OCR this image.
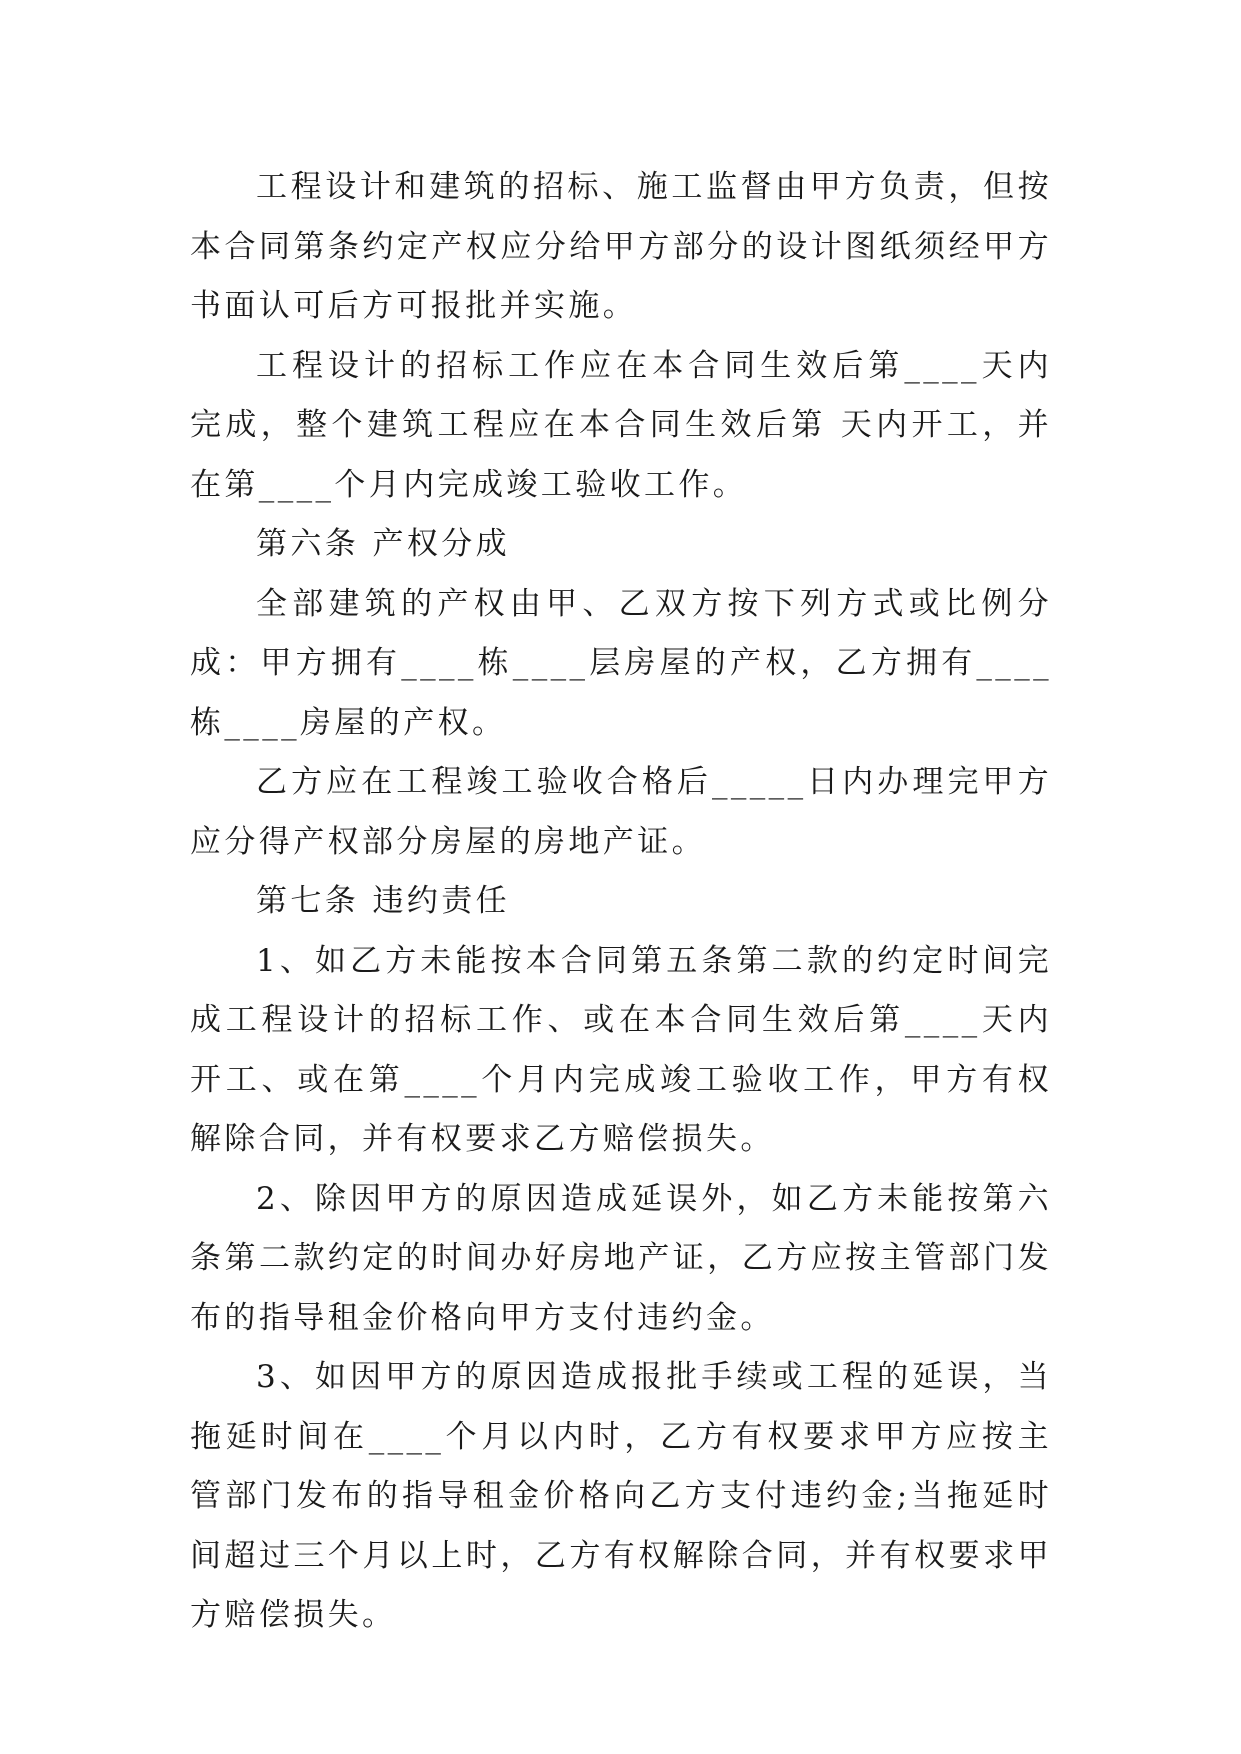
工程设计和建筑的招标、施工监督由甲方负责，但按本合同第条约定产权应分给甲方部分的设计图纸须经甲方书面认可后方可报批并实施。

工程设计的招标工作应在本合同生效后第____天内完成，整个建筑工程应在本合同生效后第 天内开工，并在第____个月内完成竣工验收工作。

第六条 产权分成

全部建筑的产权由甲、乙双方按下列方式或比例分成：甲方拥有____栋____层房屋的产权，乙方拥有____栋____房屋的产权。

乙方应在工程竣工验收合格后_____日内办理完甲方应分得产权部分房屋的房地产证。

第七条 违约责任

1、如乙方未能按本合同第五条第二款的约定时间完成工程设计的招标工作、或在本合同生效后第____天内开工、或在第____个月内完成竣工验收工作，甲方有权解除合同，并有权要求乙方赔偿损失。

2、除因甲方的原因造成延误外，如乙方未能按第六条第二款约定的时间办好房地产证，乙方应按主管部门发布的指导租金价格向甲方支付违约金。

3、如因甲方的原因造成报批手续或工程的延误，当拖延时间在____个月以内时，乙方有权要求甲方应按主管部门发布的指导租金价格向乙方支付违约金;当拖延时间超过三个月以上时，乙方有权解除合同，并有权要求甲方赔偿损失。
